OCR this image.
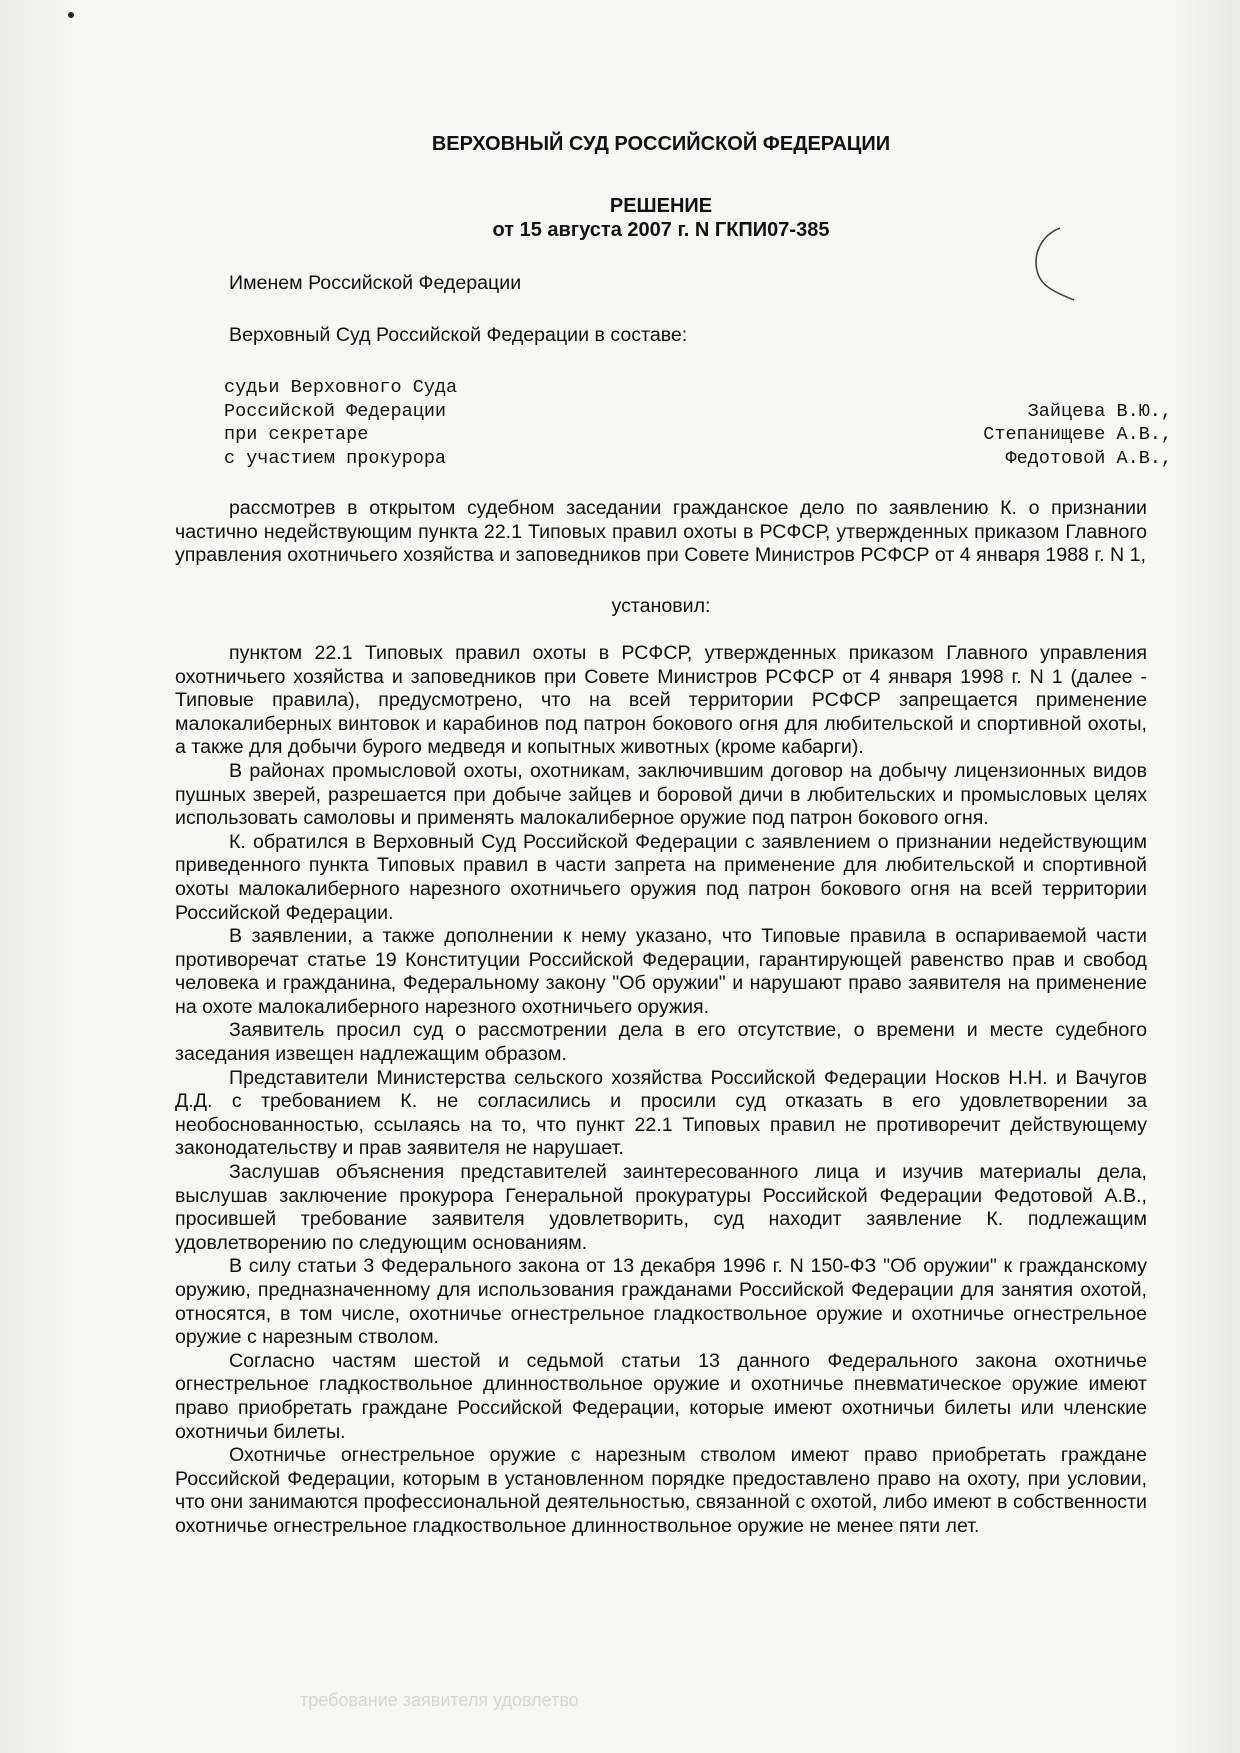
ВЕРХОВНЫЙ СУД РОССИЙСКОЙ ФЕДЕРАЦИИ
РЕШЕНИЕ
от 15 августа 2007 г. N ГКПИ07-385

Именем Российской Федерации

Верховный Суд Российской Федерации в составе:

судьи Верховного Суда
Российской Федерации	Зайцева В.Ю.,
при секретаре	Степанищеве А.В.,
с участием прокурора	Федотовой А.В.,

рассмотрев в открытом судебном заседании гражданское дело по заявлению К. о признании частично недействующим пункта 22.1 Типовых правил охоты в РСФСР, утвержденных приказом Главного управления охотничьего хозяйства и заповедников при Совете Министров РСФСР от 4 января 1988 г. N 1,

установил:

пунктом 22.1 Типовых правил охоты в РСФСР, утвержденных приказом Главного управления охотничьего хозяйства и заповедников при Совете Министров РСФСР от 4 января 1998 г. N 1 (далее - Типовые правила), предусмотрено, что на всей территории РСФСР запрещается применение малокалиберных винтовок и карабинов под патрон бокового огня для любительской и спортивной охоты, а также для добычи бурого медведя и копытных животных (кроме кабарги).

В районах промысловой охоты, охотникам, заключившим договор на добычу лицензионных видов пушных зверей, разрешается при добыче зайцев и боровой дичи в любительских и промысловых целях использовать самоловы и применять малокалиберное оружие под патрон бокового огня.

К. обратился в Верховный Суд Российской Федерации с заявлением о признании недействующим приведенного пункта Типовых правил в части запрета на применение для любительской и спортивной охоты малокалиберного нарезного охотничьего оружия под патрон бокового огня на всей территории Российской Федерации.

В заявлении, а также дополнении к нему указано, что Типовые правила в оспариваемой части противоречат статье 19 Конституции Российской Федерации, гарантирующей равенство прав и свобод человека и гражданина, Федеральному закону "Об оружии" и нарушают право заявителя на применение на охоте малокалиберного нарезного охотничьего оружия.

Заявитель просил суд о рассмотрении дела в его отсутствие, о времени и месте судебного заседания извещен надлежащим образом.

Представители Министерства сельского хозяйства Российской Федерации Носков Н.Н. и Вачугов Д.Д. с требованием К. не согласились и просили суд отказать в его удовлетворении за необоснованностью, ссылаясь на то, что пункт 22.1 Типовых правил не противоречит действующему законодательству и прав заявителя не нарушает.

Заслушав объяснения представителей заинтересованного лица и изучив материалы дела, выслушав заключение прокурора Генеральной прокуратуры Российской Федерации Федотовой А.В., просившей требование заявителя удовлетворить, суд находит заявление К. подлежащим удовлетворению по следующим основаниям.

В силу статьи 3 Федерального закона от 13 декабря 1996 г. N 150-ФЗ "Об оружии" к гражданскому оружию, предназначенному для использования гражданами Российской Федерации для занятия охотой, относятся, в том числе, охотничье огнестрельное гладкоствольное оружие и охотничье огнестрельное оружие с нарезным стволом.

Согласно частям шестой и седьмой статьи 13 данного Федерального закона охотничье огнестрельное гладкоствольное длинноствольное оружие и охотничье пневматическое оружие имеют право приобретать граждане Российской Федерации, которые имеют охотничьи билеты или членские охотничьи билеты.

Охотничье огнестрельное оружие с нарезным стволом имеют право приобретать граждане Российской Федерации, которым в установленном порядке предоставлено право на охоту, при условии, что они занимаются профессиональной деятельностью, связанной с охотой, либо имеют в собственности охотничье огнестрельное гладкоствольное длинноствольное оружие не менее пяти лет.

требование заявителя удовлетво
